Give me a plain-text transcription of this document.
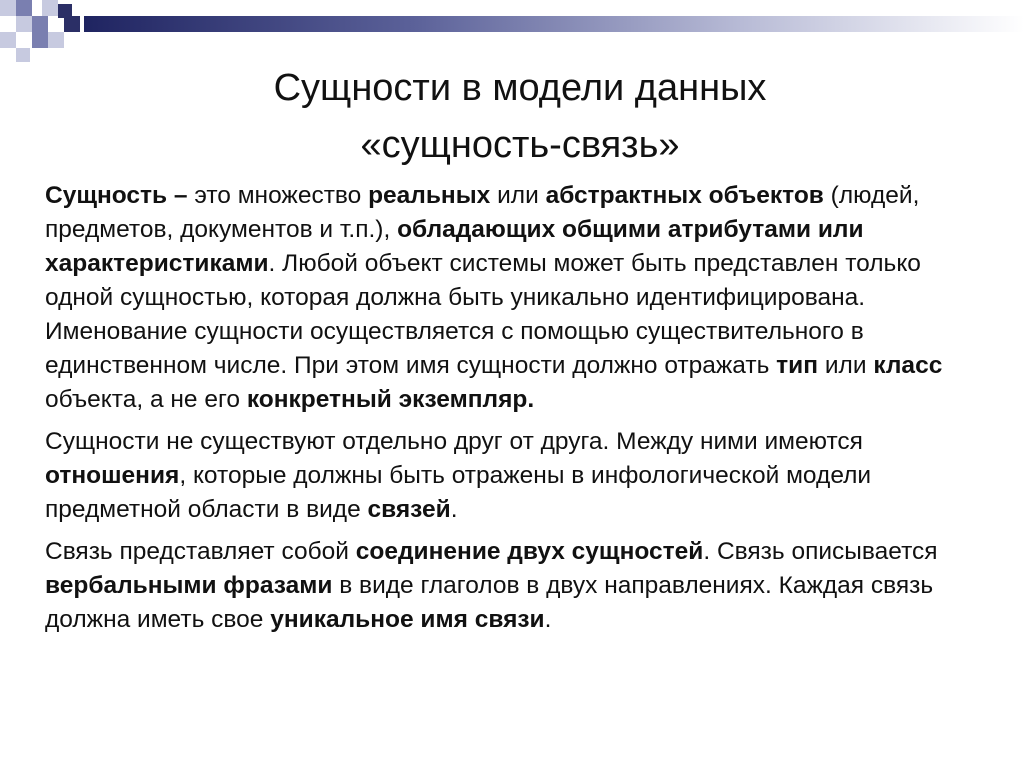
Сущности в модели данных
«сущность-связь»

Сущность – это множество реальных или абстрактных объектов (людей, предметов, документов и т.п.), обладающих общими атрибутами или характеристиками. Любой объект системы может быть представлен только одной сущностью, которая должна быть уникально идентифицирована. Именование сущности осуществляется с помощью существительного в единственном числе. При этом имя сущности должно отражать тип или класс объекта, а не его конкретный экземпляр.

Сущности не существуют отдельно друг от друга. Между ними имеются отношения, которые должны быть отражены в инфологической модели предметной области в виде связей.

Связь представляет собой соединение двух сущностей. Связь описывается вербальными фразами в виде глаголов в двух направлениях. Каждая связь должна иметь свое уникальное имя связи.
